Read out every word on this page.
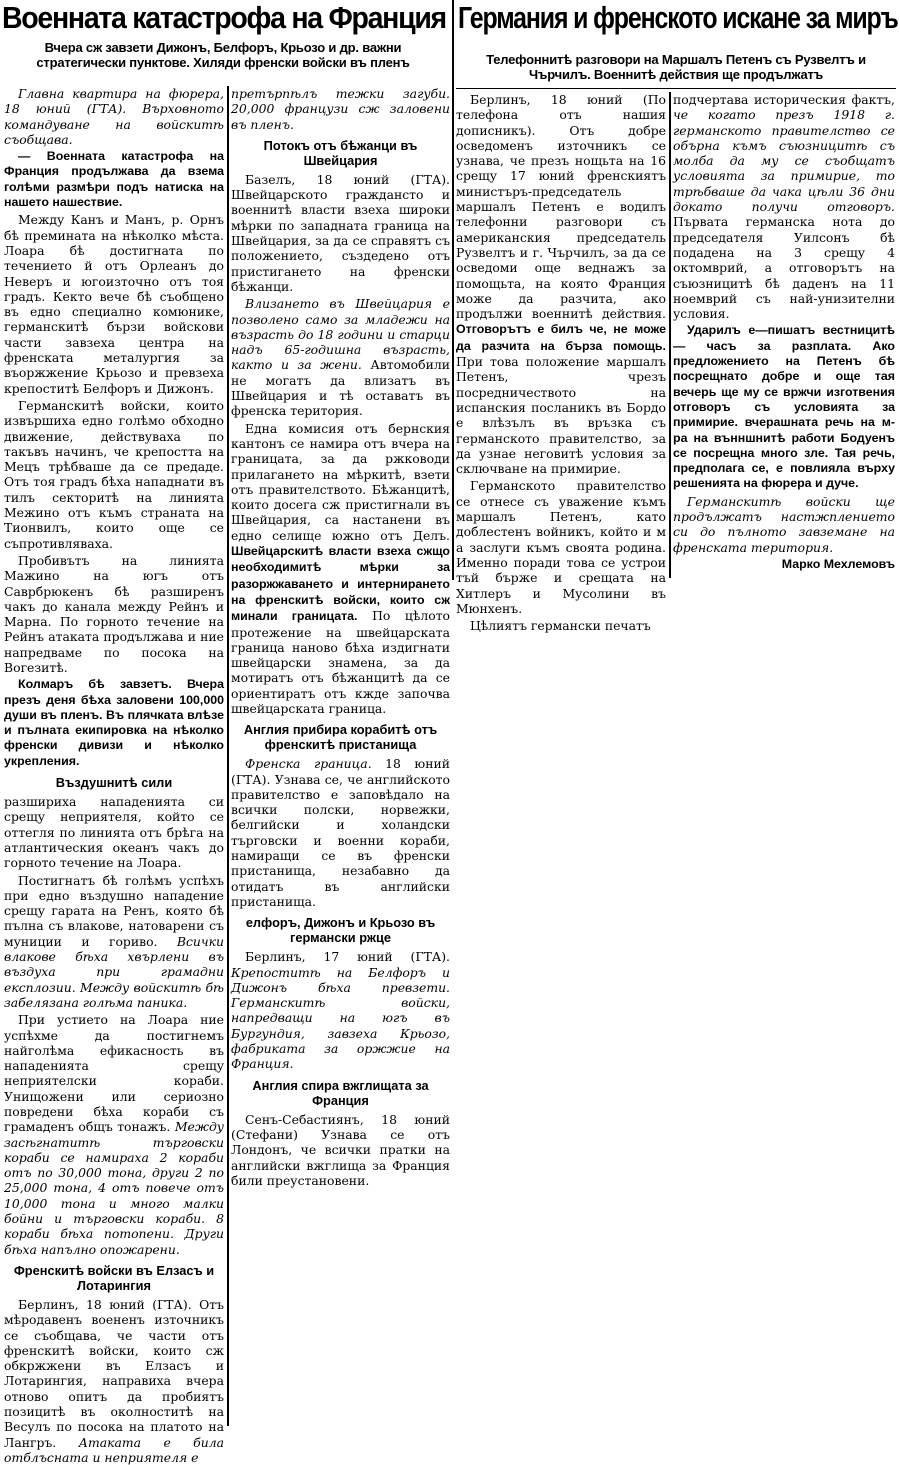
Военната катастрофа на Франция Германия и френското искане за миръ
Вчера сж завзети Дижонъ, Белфоръ, Крьозо и др. важни стратегически пунктове. Хиляди френски войски въ пленъ	Телефоннитѣ разговори на Маршалъ Петенъ съ Рузвелтъ и Чърчилъ. Военнитѣ действия ще продължатъ

Главна квартира на фюрера, 18 юний (ГТА). Върховното командуване на войскитѣ съобщава.

— Военната катастрофа на Франция продължава да взема голѣми размѣри подъ натиска на нашето нашествие.

Между Канъ и Манъ, р. Орнъ бѣ премината на нѣколко мѣста. Лоара бѣ достигната по течението й отъ Орлеанъ до Неверъ и югоизточно отъ тоя градъ. Кекто вече бѣ съобщено въ едно специално комюнике, германскитѣ бързи войскови части завзеха центра на френската металургия за въоржжение Крьозо и превзеха крепоститѣ Белфоръ и Дижонъ.

Германскитѣ войски, които извършиха едно голѣмо обходно движение, действуваха по такъвъ начинъ, че крепостта на Мецъ трѣбваше да се предаде. Отъ тоя градъ бѣха нападнати въ тилъ секторитѣ на линията Межино отъ къмъ страната на Тионвилъ, които още се съпротивляваха.

Пробивътъ на линията Мажино на югъ отъ Саврбрюкенъ бѣ разширенъ чакъ до канала между Рейнъ и Марна. По горното течение на Рейнъ атаката продължава и ние напредваме по посока на Вогезитѣ.

Колмаръ бѣ завзетъ. Вчера презъ деня бѣха заловени 100,000 души въ пленъ. Въ плячката влѣзе и пълната екипировка на нѣколко френски дивизи и нѣколко укрепления.

Въздушнитѣ сили

разшириха нападенията си срещу неприятеля, който се оттегля по линията отъ брѣга на атлантическия океанъ чакъ до горното течение на Лоара.

Постигнатъ бѣ голѣмъ успѣхъ при едно въздушно нападение срещу гарата на Ренъ, която бѣ пълна съ влакове, натоварени съ муниции и гориво. Всички влакове бѣха хвърлени въ въздуха при грамадни експлозии. Между войскитѣ бѣ забелязана голѣма паника.

При устието на Лоара ние успѣхме да постигнемъ найголѣма ефикасность въ нападенията срещу неприятелски кораби. Унищожени или сериозно повредени бѣха кораби съ грамаденъ общъ тонажъ. Между засѣгнатитѣ търговски кораби се намираха 2 кораби отъ по 30,000 тона, други 2 по 25,000 тона, 4 отъ повече отъ 10,000 тона и много малки бойни и търговски кораби. 8 кораби бѣха потопени. Други бѣха напълно опожарени.

Френскитѣ войски въ Елзасъ и Лотарингия

Берлинъ, 18 юний (ГТА). Отъ мѣродавенъ воененъ източникъ се съобщава, че части отъ френскитѣ войски, които сж обкржжени въ Елзасъ и Лотарингия, направиха вчера отново опитъ да пробиятъ позицитѣ въ околноститѣ на Весулъ по посока на платото на Лангръ. Атаката е била отблъсната и неприятеля е

претърпѣлъ тежки загуби. 20,000 французи сж заловени въ пленъ.

Потокъ отъ бѣжанци въ Швейцария

Базелъ, 18 юний (ГТА). Швейцарското граждансто и военнитѣ власти взеха широки мѣрки по западната граница на Швейцария, за да се справятъ съ положението, създедено отъ пристигането на френски бѣжанци.

Влизането въ Швейцария е позволено само за младежи на възрасть до 18 години и старци надъ 65-годишна възрасть, както и за жени. Автомобили не могатъ да влизатъ въ Швейцария и тѣ оставатъ въ френска територия.

Една комисия отъ бернския кантонъ се намира отъ вчера на границата, за да ржководи прилагането на мѣркитѣ, взети отъ правителството. Бѣжанцитѣ, които досега сж пристигнали въ Швейцария, са настанени въ едно селище южно отъ Делъ. Швейцарскитѣ власти взеха сжщо необходимитѣ мѣрки за разоржжаването и интернирането на френскитѣ войски, които сж минали границата. По цѣлото протежение на швейцарската граница наново бѣха издигнати швейцарски знамена, за да мотиратъ отъ бѣжанцитѣ да се ориентиратъ отъ кжде започва швейцарската граница.

Англия прибира корабитѣ отъ френскитѣ пристанища

Френска граница. 18 юний (ГТА). Узнава се, че английското правителство е заповѣдало на всички полски, норвежки, белгийски и холандски търговски и военни кораби, намиращи се въ френски пристанища, незабавно да отидатъ въ английски пристанища.

елфоръ, Дижонъ и Крьозо въ германски ржце

Берлинъ, 17 юний (ГТА). Крепоститѣ на Белфоръ и Дижонъ бѣха превзети. Германскитѣ войски, напредващи на югъ въ Бургундия, завзеха Крьозо, фабриката за оржжие на Франция.

Англия спира вжглищата за Франция

Сенъ-Себастиянъ, 18 юний (Стефани) Узнава се отъ Лондонъ, че всички пратки на английски вжглища за Франция били преустановени.

Берлинъ, 18 юний (По телефона отъ нашия дописникъ). Отъ добре осведоменъ източникъ се узнава, че презъ нощьта на 16 срещу 17 юний френскиятъ министъръ-председатель маршалъ Петенъ е водилъ телефонни разговори съ американския председатель Рузвелтъ и г. Чърчилъ, за да се осведоми още веднажъ за помощьта, на която Франция може да разчита, ако продължи военнитѣ действия. Отговорътъ е билъ че, не може да разчита на бърза помощь. При това положение маршалъ Петенъ, чрезъ посредничеството на испанския посланикъ въ Бордо е влѣзълъ въ връзка съ германското правителство, за да узнае неговитѣ условия за сключване на примирие.

Германското правителство се отнесе съ уважение къмъ маршалъ Петенъ, като доблестенъ войникъ, който и м а заслуги къмъ своята родина. Именно поради това се устрои тъй бърже и срещата на Хитлеръ и Мусолини въ Мюнхенъ.

Цѣлиятъ германски печатъ

подчертава историческия фактъ, че когато презъ 1918 г. германското правителство се обърна къмъ съюзницитѣ съ молба да му се съобщатъ условията за примирие, то трѣбваше да чака цѣли 36 дни докато получи отговоръ. Първата германска нота до председателя Уилсонъ бѣ подадена на 3 срещу 4 октомврий, а отговорътъ на съюзницитѣ бѣ даденъ на 11 ноемврий съ най-унизителни условия.

Ударилъ е—пишатъ вестницитѣ — часъ за разплата. Ако предложението на Петенъ бѣ посрещнато добре и още тая вечерь ще му се вржчи изготвения отговоръ съ условията за примирие. вчерашната речь на м-ра на вънншнитѣ работи Бодуенъ се посрещна много зле. Тая речь, предполага се, е повлияла върху решенията на фюрера и дуче.

Германскитѣ войски ще продължатъ настжплението си до пълното завземане на френската територия.

Марко Мехлемовъ
